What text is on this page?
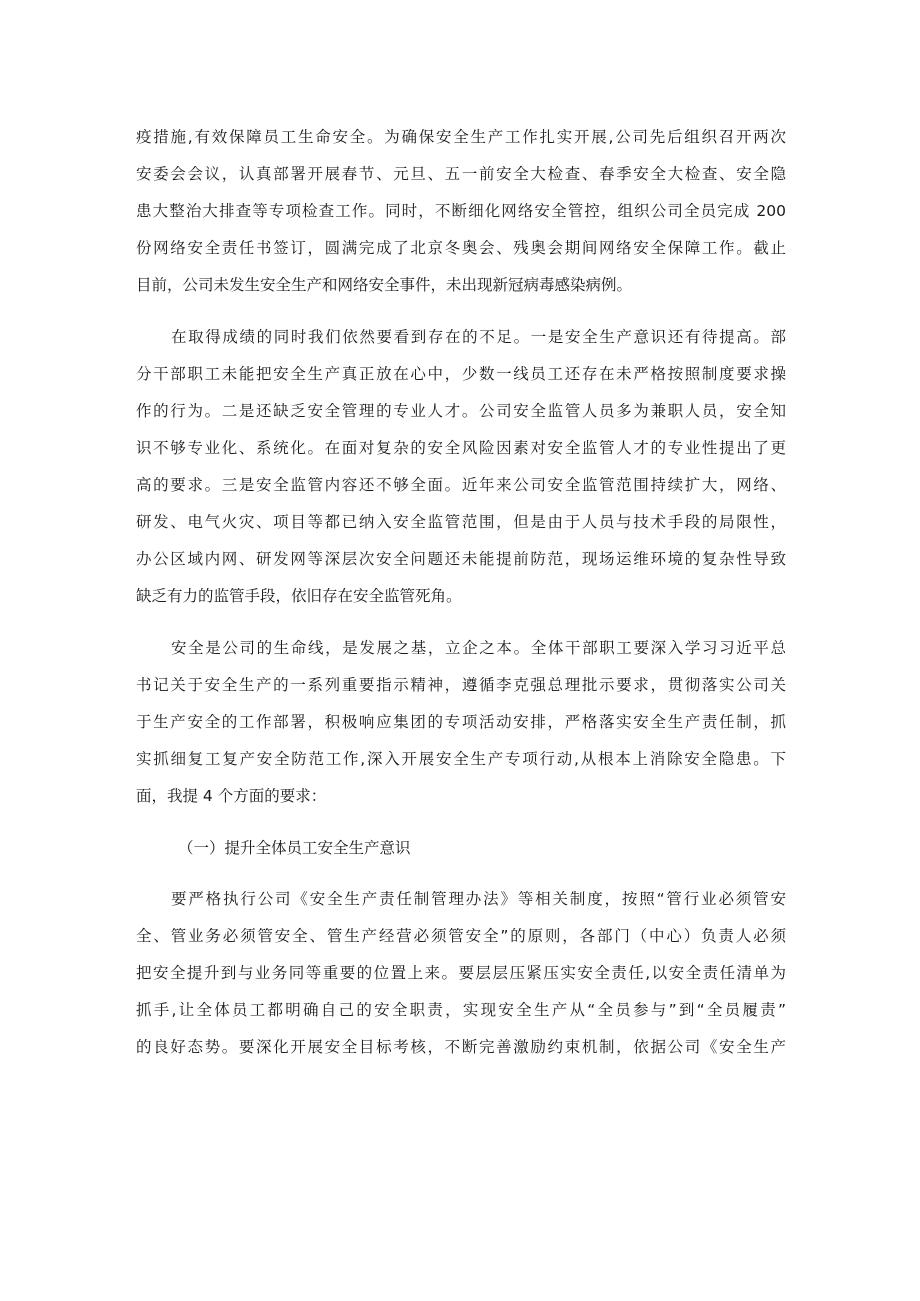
疫措施,有效保障员工生命安全。为确保安全生产工作扎实开展,公司先后组织召开两次
安委会会议，认真部署开展春节、元旦、五一前安全大检查、春季安全大检查、安全隐
患大整治大排查等专项检查工作。同时，不断细化网络安全管控，组织公司全员完成 200
份网络安全责任书签订，圆满完成了北京冬奥会、残奥会期间网络安全保障工作。截止
目前，公司未发生安全生产和网络安全事件，未出现新冠病毒感染病例。
在取得成绩的同时我们依然要看到存在的不足。一是安全生产意识还有待提高。部
分干部职工未能把安全生产真正放在心中，少数一线员工还存在未严格按照制度要求操
作的行为。二是还缺乏安全管理的专业人才。公司安全监管人员多为兼职人员，安全知
识不够专业化、系统化。在面对复杂的安全风险因素对安全监管人才的专业性提出了更
高的要求。三是安全监管内容还不够全面。近年来公司安全监管范围持续扩大，网络、
研发、电气火灾、项目等都已纳入安全监管范围，但是由于人员与技术手段的局限性，
办公区域内网、研发网等深层次安全问题还未能提前防范，现场运维环境的复杂性导致
缺乏有力的监管手段，依旧存在安全监管死角。
安全是公司的生命线，是发展之基，立企之本。全体干部职工要深入学习习近平总
书记关于安全生产的一系列重要指示精神，遵循李克强总理批示要求，贯彻落实公司关
于生产安全的工作部署，积极响应集团的专项活动安排，严格落实安全生产责任制，抓
实抓细复工复产安全防范工作,深入开展安全生产专项行动,从根本上消除安全隐患。下
面，我提 4 个方面的要求：
（一）提升全体员工安全生产意识
要严格执行公司《安全生产责任制管理办法》等相关制度，按照“管行业必须管安
全、管业务必须管安全、管生产经营必须管安全”的原则，各部门（中心）负责人必须
把安全提升到与业务同等重要的位置上来。要层层压紧压实安全责任,以安全责任清单为
抓手,让全体员工都明确自己的安全职责，实现安全生产从“全员参与”到“全员履责”
的良好态势。要深化开展安全目标考核，不断完善激励约束机制，依据公司《安全生产
